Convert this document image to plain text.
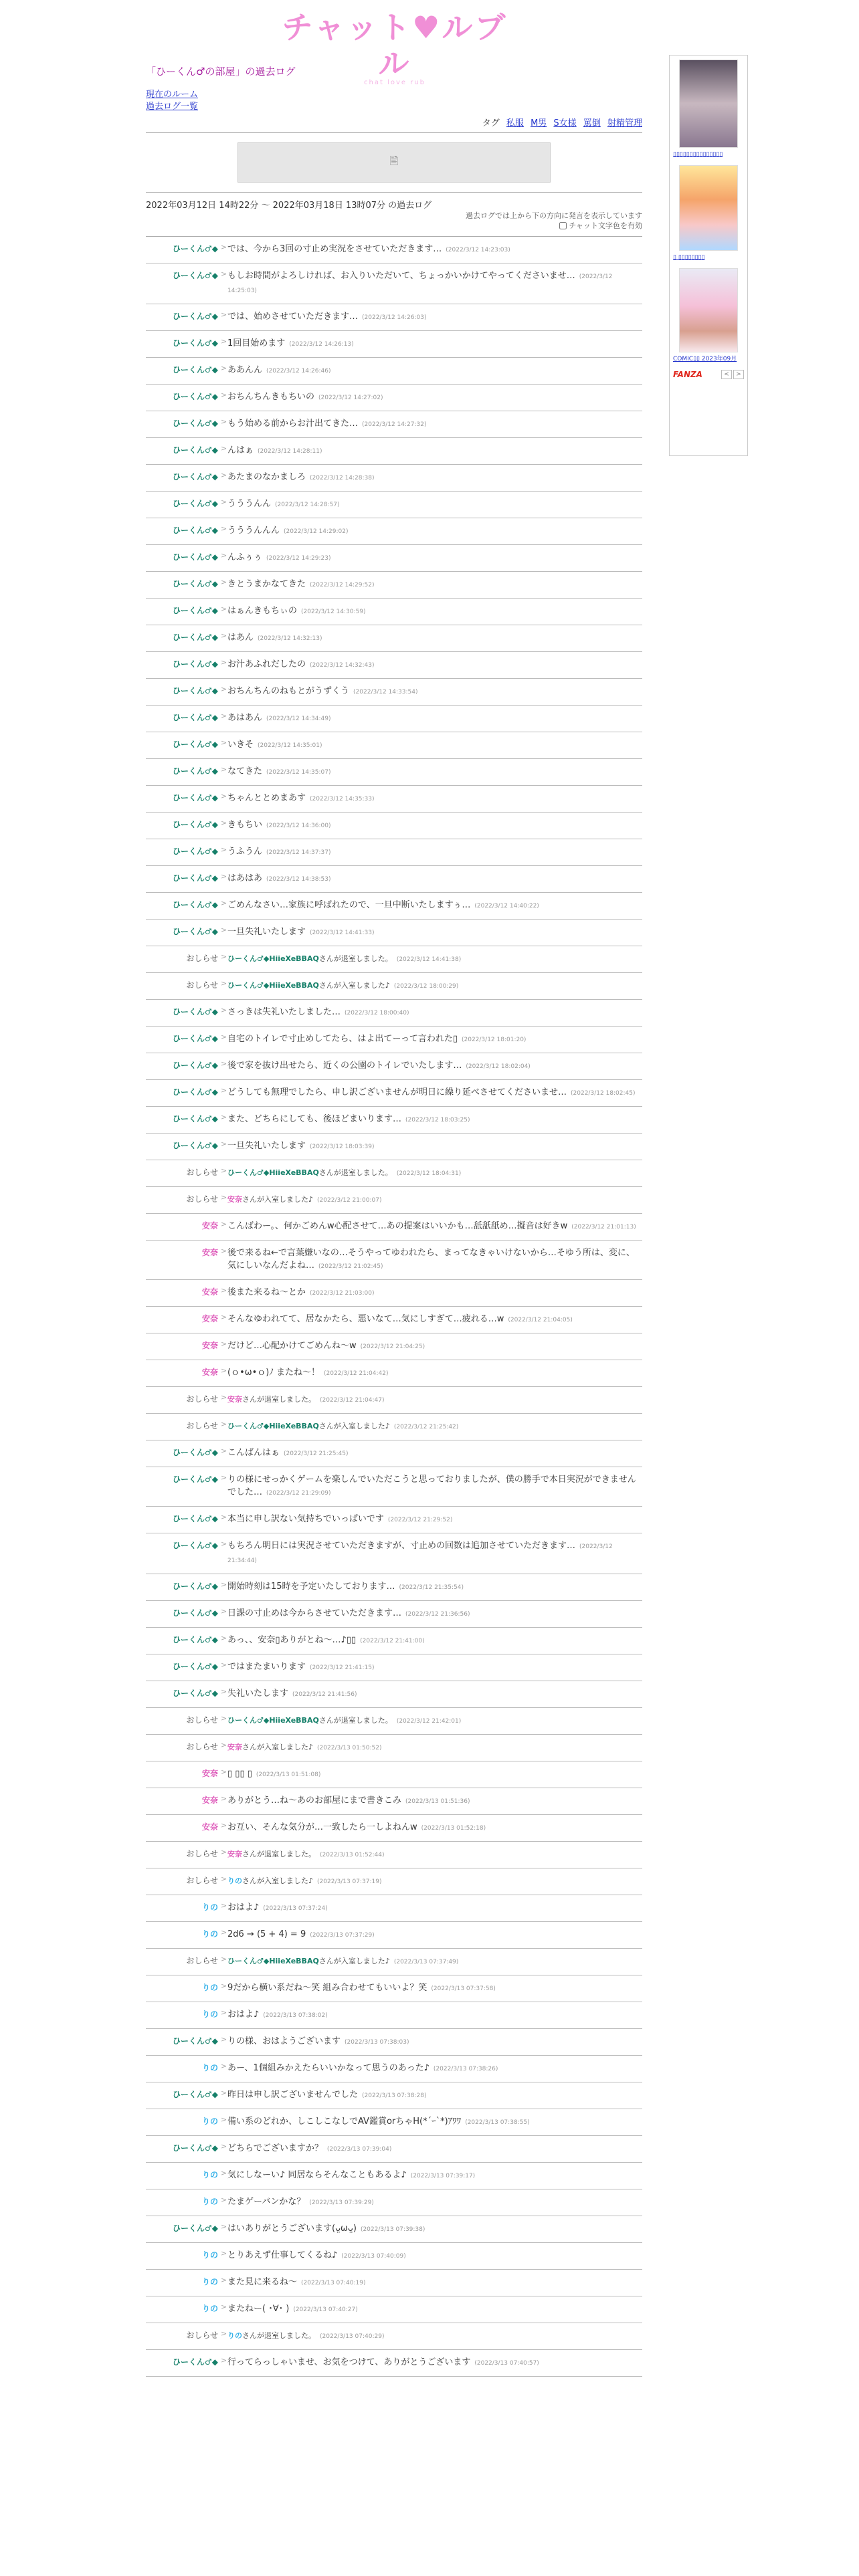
チャット♥ルブル
chat love rub
「ひーくん♂の部屋」の過去ログ
現在のルーム
過去ログ一覧
タグ 私服 M男 S女様 罵倒 射精管理
🖹
2022年03月12日 14時22分 ～ 2022年03月18日 13時07分 の過去ログ
過去ログでは上から下の方向に発言を表示しています
チャット文字色を有効
ひーくん♂◆ > では、今から3回の寸止め実況をさせていただきます… (2022/3/12 14:23:03)
ひーくん♂◆ > もしお時間がよろしければ、お入りいただいて、ちょっかいかけてやってくださいませ… (2022/3/12 14:25:03)
ひーくん♂◆ > では、始めさせていただきます… (2022/3/12 14:26:03)
ひーくん♂◆ > 1回目始めます (2022/3/12 14:26:13)
ひーくん♂◆ > ああんん (2022/3/12 14:26:46)
ひーくん♂◆ > おちんちんきもちいの (2022/3/12 14:27:02)
ひーくん♂◆ > もう始める前からお汁出てきた… (2022/3/12 14:27:32)
ひーくん♂◆ > んはぁ (2022/3/12 14:28:11)
ひーくん♂◆ > あたまのなかましろ (2022/3/12 14:28:38)
ひーくん♂◆ > うううんん (2022/3/12 14:28:57)
ひーくん♂◆ > うううんんん (2022/3/12 14:29:02)
ひーくん♂◆ > んふぅぅ (2022/3/12 14:29:23)
ひーくん♂◆ > きとうまかなてきた (2022/3/12 14:29:52)
ひーくん♂◆ > はぁんきもちぃの (2022/3/12 14:30:59)
ひーくん♂◆ > はあん (2022/3/12 14:32:13)
ひーくん♂◆ > お汁あふれだしたの (2022/3/12 14:32:43)
ひーくん♂◆ > おちんちんのねもとがうずくう (2022/3/12 14:33:54)
ひーくん♂◆ > あはあん (2022/3/12 14:34:49)
ひーくん♂◆ > いきそ (2022/3/12 14:35:01)
ひーくん♂◆ > なてきた (2022/3/12 14:35:07)
ひーくん♂◆ > ちゃんととめまあす (2022/3/12 14:35:33)
ひーくん♂◆ > きもちい (2022/3/12 14:36:00)
ひーくん♂◆ > うふうん (2022/3/12 14:37:37)
ひーくん♂◆ > はあはあ (2022/3/12 14:38:53)
ひーくん♂◆ > ごめんなさい…家族に呼ばれたので、一旦中断いたしますぅ… (2022/3/12 14:40:22)
ひーくん♂◆ > 一旦失礼いたします (2022/3/12 14:41:33)
おしらせ > ひーくん♂◆HiieXeBBAQさんが退室しました。 (2022/3/12 14:41:38)
おしらせ > ひーくん♂◆HiieXeBBAQさんが入室しました♪ (2022/3/12 18:00:29)
ひーくん♂◆ > さっきは失礼いたしました… (2022/3/12 18:00:40)
ひーくん♂◆ > 自宅のトイレで寸止めしてたら、はよ出てーって言われた▯ (2022/3/12 18:01:20)
ひーくん♂◆ > 後で家を抜け出せたら、近くの公園のトイレでいたします… (2022/3/12 18:02:04)
ひーくん♂◆ > どうしても無理でしたら、申し訳ございませんが明日に繰り延べさせてくださいませ… (2022/3/12 18:02:45)
ひーくん♂◆ > また、どちらにしても、後ほどまいります… (2022/3/12 18:03:25)
ひーくん♂◆ > 一旦失礼いたします (2022/3/12 18:03:39)
おしらせ > ひーくん♂◆HiieXeBBAQさんが退室しました。 (2022/3/12 18:04:31)
おしらせ > 安奈さんが入室しました♪ (2022/3/12 21:00:07)
安奈 > こんばわー。、何かごめんw心配させて…あの提案はいいかも…舐舐舐め…擬音は好きw (2022/3/12 21:01:13)
安奈 > 後で来るね←で言葉嫌いなの…そうやってゆわれたら、まってなきゃいけないから…そゆう所は、変に、気にしいなんだよね… (2022/3/12 21:02:45)
安奈 > 後また来るね〜とか (2022/3/12 21:03:00)
安奈 > そんなゆわれてて、居なかたら、悪いなて…気にしすぎて…疲れる…w (2022/3/12 21:04:05)
安奈 > だけど…心配かけてごめんね〜w (2022/3/12 21:04:25)
安奈 > (ｏ•ω•ｏ)ﾉ またね〜！ (2022/3/12 21:04:42)
おしらせ > 安奈さんが退室しました。 (2022/3/12 21:04:47)
おしらせ > ひーくん♂◆HiieXeBBAQさんが入室しました♪ (2022/3/12 21:25:42)
ひーくん♂◆ > こんばんはぁ (2022/3/12 21:25:45)
ひーくん♂◆ > りの様にせっかくゲームを楽しんでいただこうと思っておりましたが、僕の勝手で本日実況ができませんでした… (2022/3/12 21:29:09)
ひーくん♂◆ > 本当に申し訳ない気持ちでいっぱいです (2022/3/12 21:29:52)
ひーくん♂◆ > もちろん明日には実況させていただきますが、寸止めの回数は追加させていただきます… (2022/3/12 21:34:44)
ひーくん♂◆ > 開始時刻は15時を予定いたしております… (2022/3/12 21:35:54)
ひーくん♂◆ > 日課の寸止めは今からさせていただきます… (2022/3/12 21:36:56)
ひーくん♂◆ > あっ、、安奈▯ありがとね〜…♪▯▯ (2022/3/12 21:41:00)
ひーくん♂◆ > ではまたまいります (2022/3/12 21:41:15)
ひーくん♂◆ > 失礼いたします (2022/3/12 21:41:56)
おしらせ > ひーくん♂◆HiieXeBBAQさんが退室しました。 (2022/3/12 21:42:01)
おしらせ > 安奈さんが入室しました♪ (2022/3/13 01:50:52)
安奈 > ▯ ▯▯ ▯ (2022/3/13 01:51:08)
安奈 > ありがとう…ね〜あのお部屋にまで書きこみ (2022/3/13 01:51:36)
安奈 > お互い、そんな気分が…一致したら一しよねんw (2022/3/13 01:52:18)
おしらせ > 安奈さんが退室しました。 (2022/3/13 01:52:44)
おしらせ > りのさんが入室しました♪ (2022/3/13 07:37:19)
りの > おはよ♪ (2022/3/13 07:37:24)
りの > 2d6 → (5 + 4) = 9 (2022/3/13 07:37:29)
おしらせ > ひーくん♂◆HiieXeBBAQさんが入室しました♪ (2022/3/13 07:37:49)
りの > 9だから横い系だね〜笑 組み合わせてもいいよ？笑 (2022/3/13 07:37:58)
りの > おはよ♪ (2022/3/13 07:38:02)
ひーくん♂◆ > りの様、おはようございます (2022/3/13 07:38:03)
りの > あー、1個組みかえたらいいかなって思うのあった♪ (2022/3/13 07:38:26)
ひーくん♂◆ > 昨日は申し訳ございませんでした (2022/3/13 07:38:28)
りの > 備い系のどれか、しこしこなしでAV鑑賞orちゃH(*´ｰ`*)ｱﾜﾜ (2022/3/13 07:38:55)
ひーくん♂◆ > どちらでございますか？ (2022/3/13 07:39:04)
りの > 気にしなーい♪ 同居ならそんなこともあるよ♪ (2022/3/13 07:39:17)
りの > たまゲーバンかな？ (2022/3/13 07:39:29)
ひーくん♂◆ > はいありがとうございます(ᴗ̤ωᴗ̤) (2022/3/13 07:39:38)
りの > とりあえず仕事してくるね♪ (2022/3/13 07:40:09)
りの > また見に来るね〜 (2022/3/13 07:40:19)
りの > またねー( ･∀･ ) (2022/3/13 07:40:27)
おしらせ > りのさんが退室しました。 (2022/3/13 07:40:29)
ひーくん♂◆ > 行ってらっしゃいませ、お気をつけて、ありがとうございます (2022/3/13 07:40:57)
▯▯▯▯▯▯▯▯▯▯▯▯▯▯▯
▯ ▯▯▯▯▯▯▯▯
COMIC▯▯ 2023年09月
FANZA	<	>
